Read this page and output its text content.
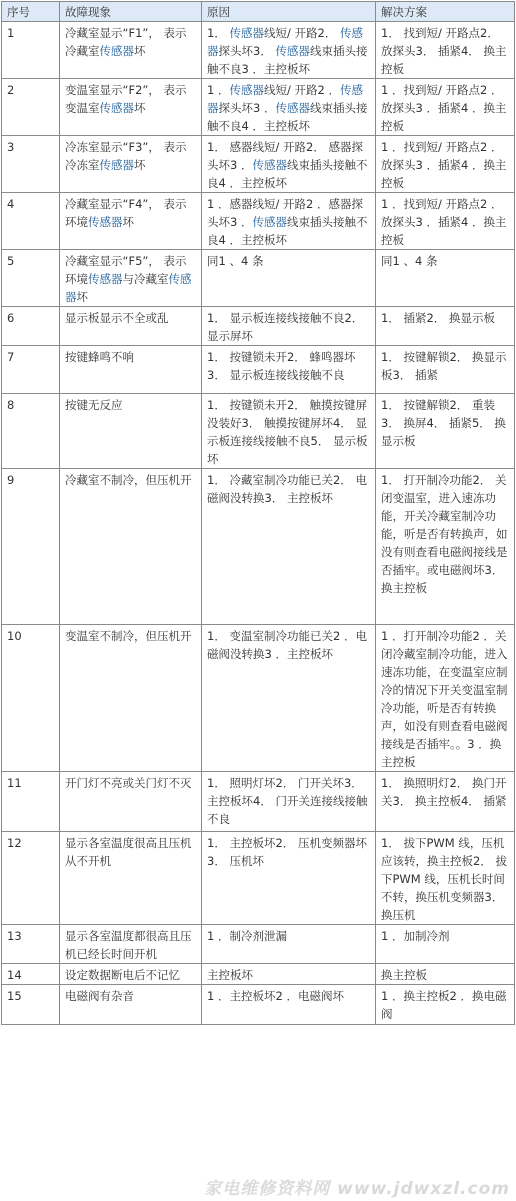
序号	故障现象	原因	解决方案
1	冷藏室显示“F1”， 表示冷藏室传感器坏	1． 传感器线短/ 开路2． 传感器探头坏3． 传感器线束插头接触不良3 ．主控板坏	1． 找到短/ 开路点2． 放探头3． 插紧4． 换主控板
2	变温室显示“F2”， 表示变温室传感器坏	1 ．传感器线短/ 开路2 ．传感器探头坏3 ．传感器线束插头接触不良4 ．主控板坏	1 ．找到短/ 开路点2 ．放探头3 ．插紧4 ．换主控板
3	冷冻室显示“F3”， 表示冷冻室传感器坏	1． 感器线短/ 开路2． 感器探头坏3 ．传感器线束插头接触不良4 ．主控板坏	1 ．找到短/ 开路点2 ．放探头3 ．插紧4 ．换主控板
4	冷藏室显示“F4”， 表示环境传感器坏	1 ．感器线短/ 开路2 ．感器探头坏3 ．传感器线束插头接触不良4 ．主控板坏	1 ．找到短/ 开路点2 ．放探头3 ．插紧4 ．换主控板
5	冷藏室显示“F5”， 表示环境传感器与冷藏室传感器坏	同1 、4 条	同1 、4 条
6	显示板显示不全或乱	1． 显示板连接线接触不良2． 显示屏坏	1． 插紧2． 换显示板
7	按键蜂鸣不响	1． 按键锁未开2． 蜂鸣器坏3． 显示板连接线接触不良	1． 按键解锁2． 换显示板3． 插紧
8	按键无反应	1． 按键锁未开2． 触摸按键屏没装好3． 触摸按键屏坏4． 显示板连接线接触不良5． 显示板坏	1． 按键解锁2． 重装3． 换屏4． 插紧5． 换显示板
9	冷藏室不制冷，但压机开	1． 冷藏室制冷功能已关2． 电磁阀没转换3． 主控板坏	1． 打开制冷功能2． 关闭变温室，进入速冻功能，开关冷藏室制冷功能，听是否有转换声，如没有则查看电磁阀接线是否插牢。或电磁阀坏3． 换主控板
10	变温室不制冷，但压机开	1． 变温室制冷功能已关2 ．电磁阀没转换3 ．主控板坏	1 ．打开制冷功能2 ．关闭冷藏室制冷功能，进入速冻功能，在变温室应制冷的情况下开关变温室制冷功能，听是否有转换声，如没有则查看电磁阀接线是否插牢。。3 ．换主控板
11	开门灯不亮或关门灯不灭	1． 照明灯坏2． 门开关坏3． 主控板坏4． 门开关连接线接触不良	1． 换照明灯2． 换门开关3． 换主控板4． 插紧
12	显示各室温度很高且压机从不开机	1． 主控板坏2． 压机变频器坏3． 压机坏	1． 拔下PWM 线，压机应该转，换主控板2． 拔下PWM 线，压机长时间不转，换压机变频器3． 换压机
13	显示各室温度都很高且压机已经长时间开机	1 ．制冷剂泄漏	1 ．加制冷剂
14	设定数据断电后不记忆	主控板坏	换主控板
15	电磁阀有杂音	1 ．主控板坏2 ．电磁阀坏	1 ．换主控板2 ．换电磁阀
家电维修资料网 www.jdwxzl.com
